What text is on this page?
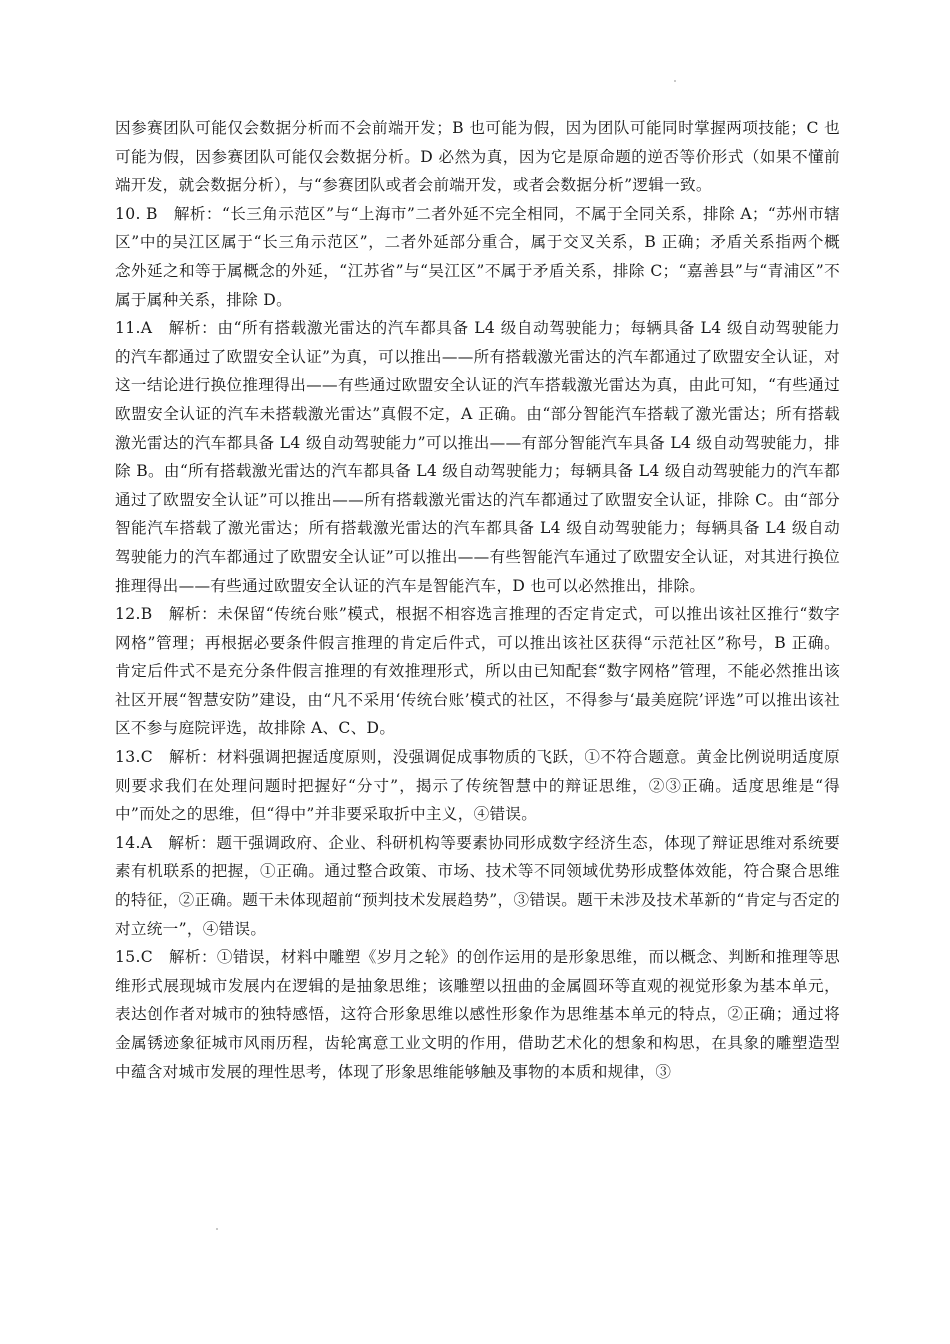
因参赛团队可能仅会数据分析而不会前端开发；B 也可能为假，因为团队可能同时掌握两项技能；C 也可能为假，因参赛团队可能仅会数据分析。D 必然为真，因为它是原命题的逆否等价形式（如果不懂前端开发，就会数据分析），与“参赛团队或者会前端开发，或者会数据分析”逻辑一致。

10. B　解析：“长三角示范区”与“上海市”二者外延不完全相同，不属于全同关系，排除 A；“苏州市辖区”中的吴江区属于“长三角示范区”，二者外延部分重合，属于交叉关系，B 正确；矛盾关系指两个概念外延之和等于属概念的外延，“江苏省”与“吴江区”不属于矛盾关系，排除 C；“嘉善县”与“青浦区”不属于属种关系，排除 D。

11.A　解析：由“所有搭载激光雷达的汽车都具备 L4 级自动驾驶能力；每辆具备 L4 级自动驾驶能力的汽车都通过了欧盟安全认证”为真，可以推出——所有搭载激光雷达的汽车都通过了欧盟安全认证，对这一结论进行换位推理得出——有些通过欧盟安全认证的汽车搭载激光雷达为真，由此可知，“有些通过欧盟安全认证的汽车未搭载激光雷达”真假不定，A 正确。由“部分智能汽车搭载了激光雷达；所有搭载激光雷达的汽车都具备 L4 级自动驾驶能力”可以推出——有部分智能汽车具备 L4 级自动驾驶能力，排除 B。由“所有搭载激光雷达的汽车都具备 L4 级自动驾驶能力；每辆具备 L4 级自动驾驶能力的汽车都通过了欧盟安全认证”可以推出——所有搭载激光雷达的汽车都通过了欧盟安全认证，排除 C。由“部分智能汽车搭载了激光雷达；所有搭载激光雷达的汽车都具备 L4 级自动驾驶能力；每辆具备 L4 级自动驾驶能力的汽车都通过了欧盟安全认证”可以推出——有些智能汽车通过了欧盟安全认证，对其进行换位推理得出——有些通过欧盟安全认证的汽车是智能汽车，D 也可以必然推出，排除。

12.B　解析：未保留“传统台账”模式，根据不相容选言推理的否定肯定式，可以推出该社区推行“数字网格”管理；再根据必要条件假言推理的肯定后件式，可以推出该社区获得“示范社区”称号，B 正确。肯定后件式不是充分条件假言推理的有效推理形式，所以由已知配套“数字网格”管理，不能必然推出该社区开展“智慧安防”建设，由“凡不采用‘传统台账’模式的社区，不得参与‘最美庭院’评选”可以推出该社区不参与庭院评选，故排除 A、C、D。

13.C　解析：材料强调把握适度原则，没强调促成事物质的飞跃，①不符合题意。黄金比例说明适度原则要求我们在处理问题时把握好“分寸”，揭示了传统智慧中的辩证思维，②③正确。适度思维是“得中”而处之的思维，但“得中”并非要采取折中主义，④错误。

14.A　解析：题干强调政府、企业、科研机构等要素协同形成数字经济生态，体现了辩证思维对系统要素有机联系的把握，①正确。通过整合政策、市场、技术等不同领域优势形成整体效能，符合聚合思维的特征，②正确。题干未体现超前“预判技术发展趋势”，③错误。题干未涉及技术革新的“肯定与否定的对立统一”，④错误。

15.C　解析：①错误，材料中雕塑《岁月之轮》的创作运用的是形象思维，而以概念、判断和推理等思维形式展现城市发展内在逻辑的是抽象思维；该雕塑以扭曲的金属圆环等直观的视觉形象为基本单元，表达创作者对城市的独特感悟，这符合形象思维以感性形象作为思维基本单元的特点，②正确；通过将金属锈迹象征城市风雨历程，齿轮寓意工业文明的作用，借助艺术化的想象和构思，在具象的雕塑造型中蕴含对城市发展的理性思考，体现了形象思维能够触及事物的本质和规律，③
